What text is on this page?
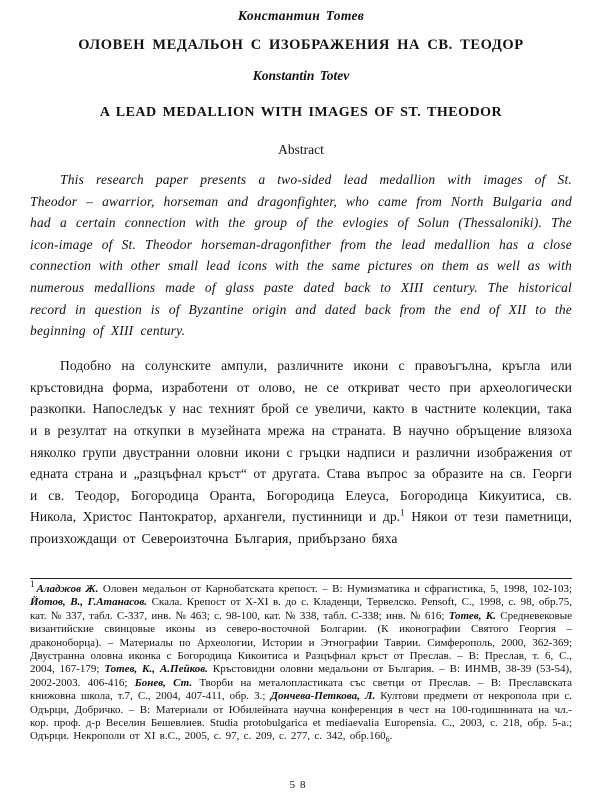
Константин Тотев
ОЛОВЕН МЕДАЛЬОН С ИЗОБРАЖЕНИЯ НА СВ. ТЕОДОР
Konstantin Totev
A LEAD MEDALLION WITH IMAGES OF ST. THEODOR
Abstract

This research paper presents a two-sided lead medallion with images of St. Theodor – awarrior, horseman and dragonfighter, who came from North Bulgaria and had a certain connection with the group of the evlogies of Solun (Thessaloniki). The icon-image of St. Theodor horseman-dragonfither from the lead medallion has a close connection with other small lead icons with the same pictures on them as well as with numerous medallions made of glass paste dated back to XIII century. The historical record in question is of Byzantine origin and dated back from the end of XII to the beginning of XIII century.

Подобно на солунските ампули, различните икони с правоъгълна, кръгла или кръстовидна форма, изработени от олово, не се откриват често при археологически разкопки. Напоследък у нас техният брой се увеличи, както в частните колекции, така и в резултат на откупки в музейната мрежа на страната. В научно обръщение влязоха няколко групи двустранни оловни икони с гръцки надписи и различни изображения от едната страна и „разцъфнал кръст“ от другата. Става въпрос за образите на св. Георги и св. Теодор, Богородица Оранта, Богородица Елеуса, Богородица Кикуитиса, св. Никола, Христос Пантократор, архангели, пустинници и др.$^1$ Някои от тези паметници, произхождащи от Североизточна България, прибързано бяха

$^1$ Аладжов Ж. Оловен медальон от Карнобатската крепост. – В: Нумизматика и сфрагистика, 5, 1998, 102-103; Йотов, В., Г.Атанасов. Скала. Крепост от X-XI в. до с. Кладенци, Тервелско. Pensoft, С., 1998, с. 98, обр.75, кат. № 337, табл. С-337, инв. № 463; с. 98-100, кат. № 338, табл. С-338; инв. № 616; Тотев, К. Средневековые византийские свинцовые иконы из северо-восточной Болгарии. (К иконографии Святого Георгия – драконоборца). – Материалы по Археологии, Истории и Этнографии Таврии. Симферополь, 2000, 362-369; Двустранна оловна иконка с Богородица Кикоитиса и Разцъфнал кръст от Преслав. – В: Преслав, т. 6, С., 2004, 167-179; Тотев, К., А.Пейков. Кръстовидни оловни медальони от България. – В: ИНМВ, 38-39 (53-54), 2002-2003. 406-416; Бонев, Ст. Творби на металопластиката със светци от Преслав. – В: Преславската книжовна школа, т.7, С., 2004, 407-411, обр. 3.; Дончева-Петкова, Л. Култови предмети от некропола при с. Одърци, Добричко. – В: Материали от Юбилейната научна конференция в чест на 100-годишнината на чл.-кор. проф. д-р Веселин Бешевлиев. Studia protobulgarica et mediaevalia Europensia. С., 2003, с. 218, обр. 5-а.; Одърци. Некрополи от XI в.С., 2005, с. 97, с. 209, с. 277, с. 342, $обр.160_6$.

58
